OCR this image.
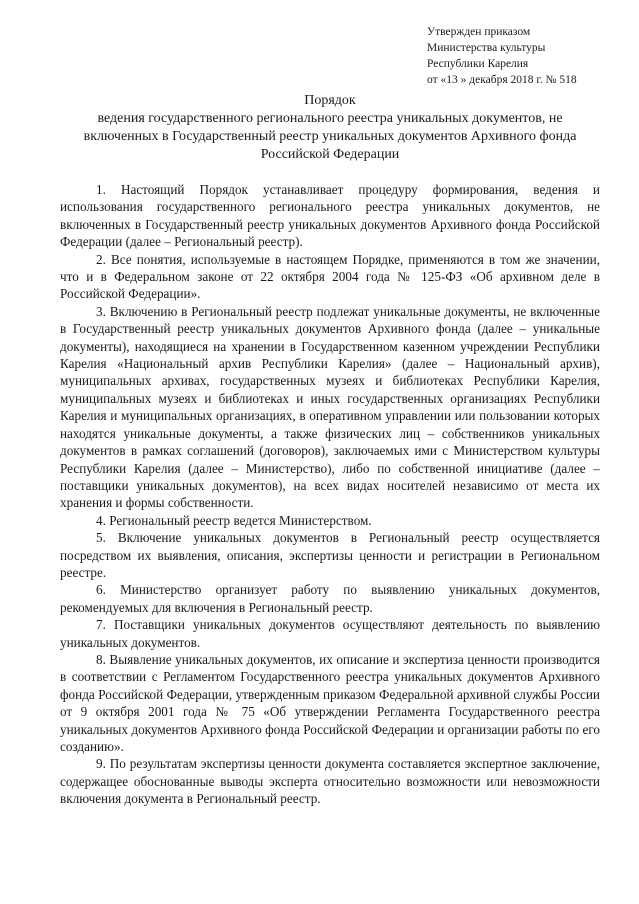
Утвержден приказом
Министерства культуры
Республики Карелия
от «13 » декабря 2018 г. № 518
Порядок
ведения государственного регионального реестра уникальных документов, не включенных в Государственный реестр уникальных документов Архивного фонда Российской Федерации

1. Настоящий Порядок устанавливает процедуру формирования, ведения и использования государственного регионального реестра уникальных документов, не включенных в Государственный реестр уникальных документов Архивного фонда Российской Федерации (далее – Региональный реестр).

2. Все понятия, используемые в настоящем Порядке, применяются в том же значении, что и в Федеральном законе от 22 октября 2004 года № 125-ФЗ «Об архивном деле в Российской Федерации».

3. Включению в Региональный реестр подлежат уникальные документы, не включенные в Государственный реестр уникальных документов Архивного фонда (далее – уникальные документы), находящиеся на хранении в Государственном казенном учреждении Республики Карелия «Национальный архив Республики Карелия» (далее – Национальный архив), муниципальных архивах, государственных музеях и библиотеках Республики Карелия, муниципальных музеях и библиотеках и иных государственных организациях Республики Карелия и муниципальных организациях, в оперативном управлении или пользовании которых находятся уникальные документы, а также физических лиц – собственников уникальных документов в рамках соглашений (договоров), заключаемых ими с Министерством культуры Республики Карелия (далее – Министерство), либо по собственной инициативе (далее – поставщики уникальных документов), на всех видах носителей независимо от места их хранения и формы собственности.

4. Региональный реестр ведется Министерством.

5. Включение уникальных документов в Региональный реестр осуществляется посредством их выявления, описания, экспертизы ценности и регистрации в Региональном реестре.

6. Министерство организует работу по выявлению уникальных документов, рекомендуемых для включения в Региональный реестр.

7. Поставщики уникальных документов осуществляют деятельность по выявлению уникальных документов.

8. Выявление уникальных документов, их описание и экспертиза ценности производится в соответствии с Регламентом Государственного реестра уникальных документов Архивного фонда Российской Федерации, утвержденным приказом Федеральной архивной службы России от 9 октября 2001 года № 75 «Об утверждении Регламента Государственного реестра уникальных документов Архивного фонда Российской Федерации и организации работы по его созданию».

9. По результатам экспертизы ценности документа составляется экспертное заключение, содержащее обоснованные выводы эксперта относительно возможности или невозможности включения документа в Региональный реестр.
